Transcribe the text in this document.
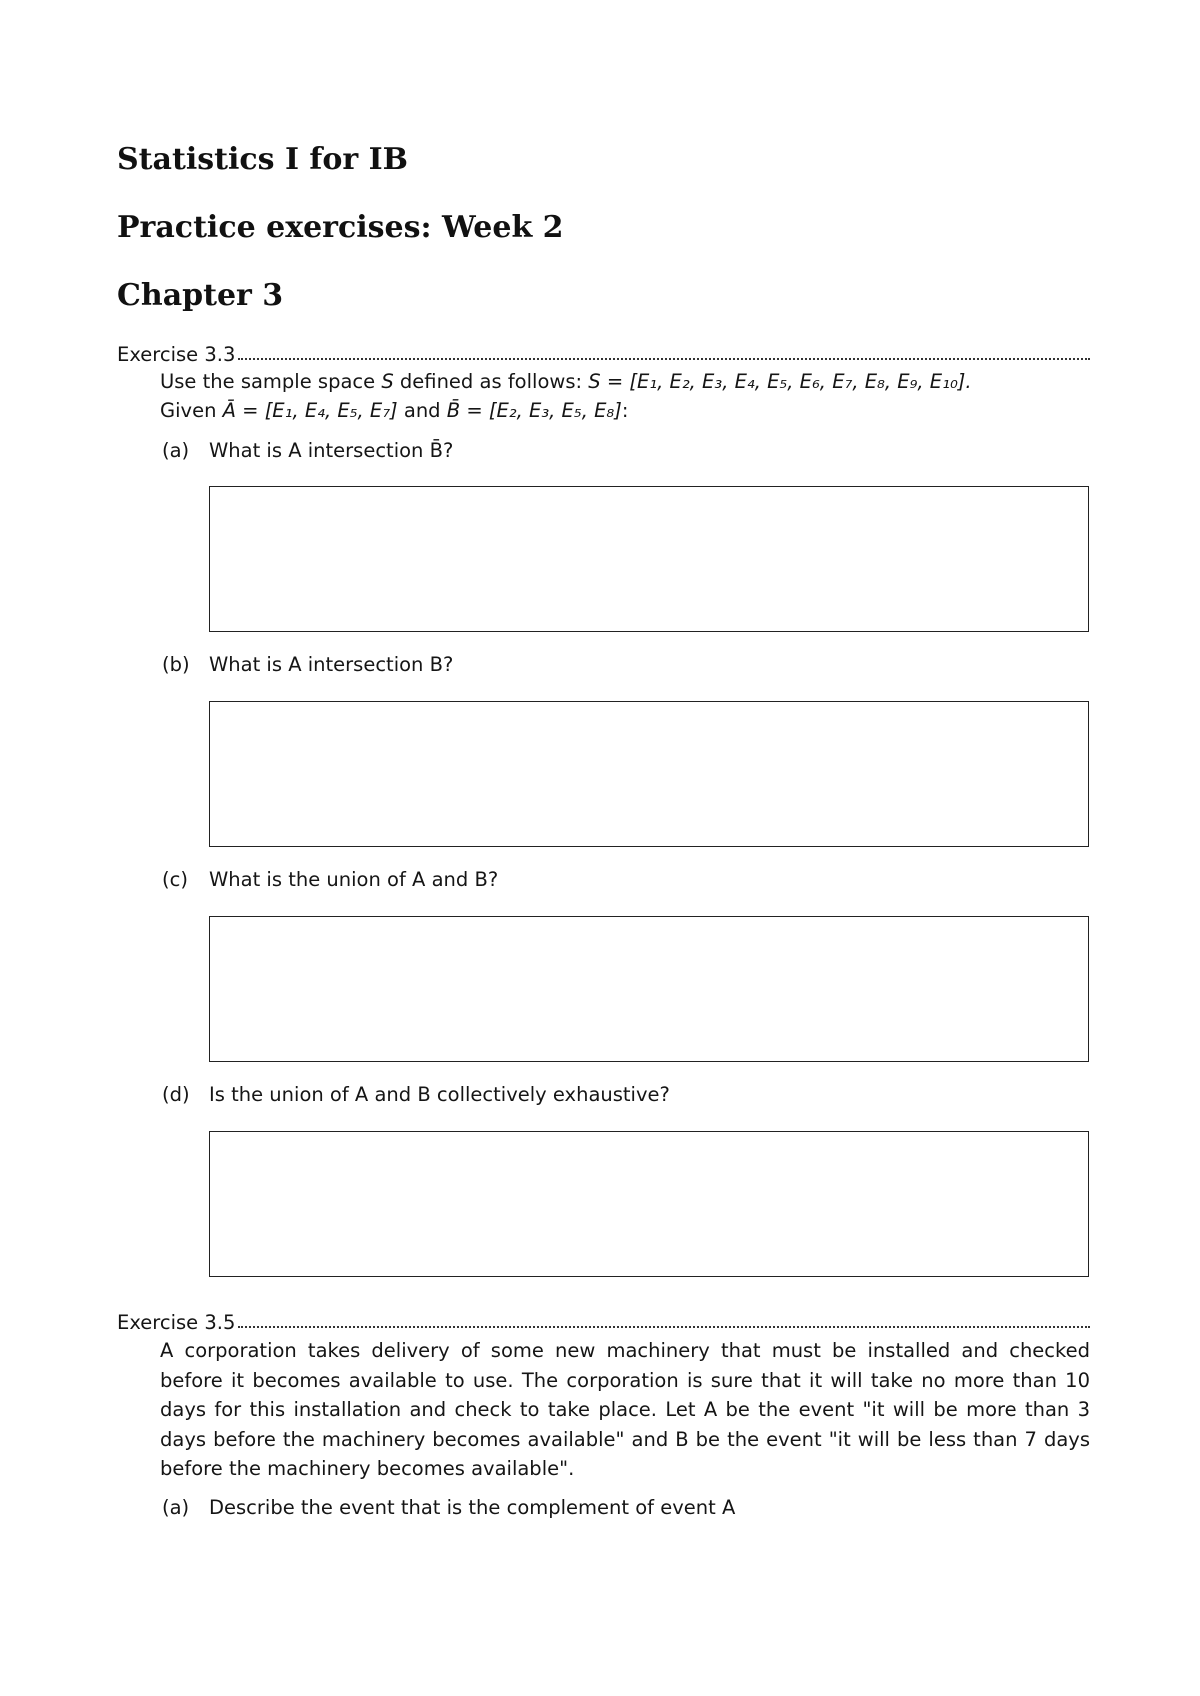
Statistics I for IB
Practice exercises: Week 2
Chapter 3
Exercise 3.3
Use the sample space S defined as follows: S = [E₁, E₂, E₃, E₄, E₅, E₆, E₇, E₈, E₉, E₁₀].
Given Ā = [E₁, E₄, E₅, E₇] and B̄ = [E₂, E₃, E₅, E₈]:
(a) What is A intersection B̄?
(b) What is A intersection B?
(c) What is the union of A and B?
(d) Is the union of A and B collectively exhaustive?
Exercise 3.5
A corporation takes delivery of some new machinery that must be installed and checked before it becomes available to use. The corporation is sure that it will take no more than 10 days for this installation and check to take place. Let A be the event "it will be more than 3 days before the machinery becomes available" and B be the event "it will be less than 7 days before the machinery becomes available".
(a) Describe the event that is the complement of event A
